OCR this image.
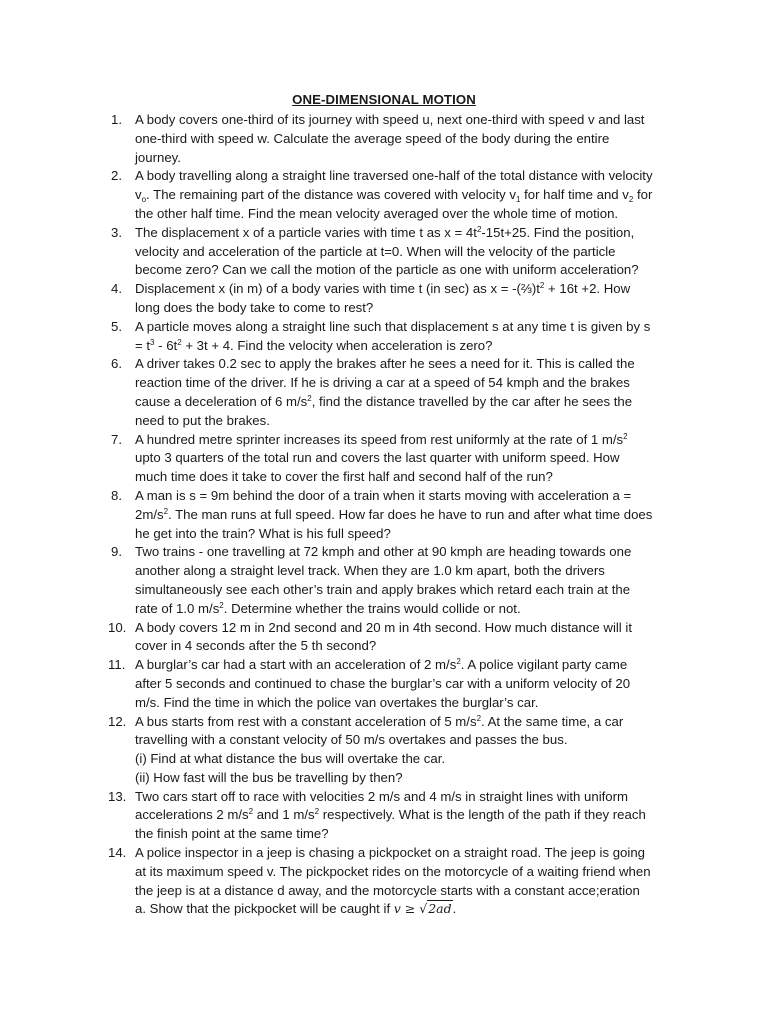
ONE-DIMENSIONAL MOTION
1. A body covers one-third of its journey with speed u, next one-third with speed v and last
one-third with speed w. Calculate the average speed of the body during the entire
journey.
2. A body travelling along a straight line traversed one-half of the total distance with velocity
$v_o$. The remaining part of the distance was covered with velocity $v_1$ for half time and $v_2$ for
the other half time. Find the mean velocity averaged over the whole time of motion.
3. The displacement x of a particle varies with time t as $x = 4t^2-15t+25$. Find the position,
velocity and acceleration of the particle at t=0. When will the velocity of the particle
become zero? Can we call the motion of the particle as one with uniform acceleration?
4. Displacement x (in m) of a body varies with time t (in sec) as $x = -(\frac{2}{3})t^2 + 16t +2$. How
long does the body take to come to rest?
5. A particle moves along a straight line such that displacement s at any time t is given by s
= $t^3 - 6t^2 + 3t + 4$. Find the velocity when acceleration is zero?
6. A driver takes 0.2 sec to apply the brakes after he sees a need for it. This is called the
reaction time of the driver. If he is driving a car at a speed of 54 kmph and the brakes
cause a deceleration of 6 $m/s^2$, find the distance travelled by the car after he sees the
need to put the brakes.
7. A hundred metre sprinter increases its speed from rest uniformly at the rate of 1 $m/s^2$
upto 3 quarters of the total run and covers the last quarter with uniform speed. How
much time does it take to cover the first half and second half of the run?
8. A man is s = 9m behind the door of a train when it starts moving with acceleration a =
$2m/s^2$. The man runs at full speed. How far does he have to run and after what time does
he get into the train? What is his full speed?
9. Two trains - one travelling at 72 kmph and other at 90 kmph are heading towards one
another along a straight level track. When they are 1.0 km apart, both the drivers
simultaneously see each other’s train and apply brakes which retard each train at the
rate of 1.0 $m/s^2$. Determine whether the trains would collide or not.
10. A body covers 12 m in 2nd second and 20 m in 4th second. How much distance will it
cover in 4 seconds after the 5 th second?
11. A burglar’s car had a start with an acceleration of 2 $m/s^2$. A police vigilant party came
after 5 seconds and continued to chase the burglar’s car with a uniform velocity of 20
m/s. Find the time in which the police van overtakes the burglar’s car.
12. A bus starts from rest with a constant acceleration of 5 $m/s^2$. At the same time, a car
travelling with a constant velocity of 50 m/s overtakes and passes the bus.
(i) Find at what distance the bus will overtake the car.
(ii) How fast will the bus be travelling by then?
13. Two cars start off to race with velocities 2 m/s and 4 m/s in straight lines with uniform
accelerations 2 $m/s^2$ and 1 $m/s^2$ respectively. What is the length of the path if they reach
the finish point at the same time?
14. A police inspector in a jeep is chasing a pickpocket on a straight road. The jeep is going
at its maximum speed v. The pickpocket rides on the motorcycle of a waiting friend when
the jeep is at a distance d away, and the motorcycle starts with a constant acce;eration
a. Show that the pickpocket will be caught if v ≥ √2ad.
